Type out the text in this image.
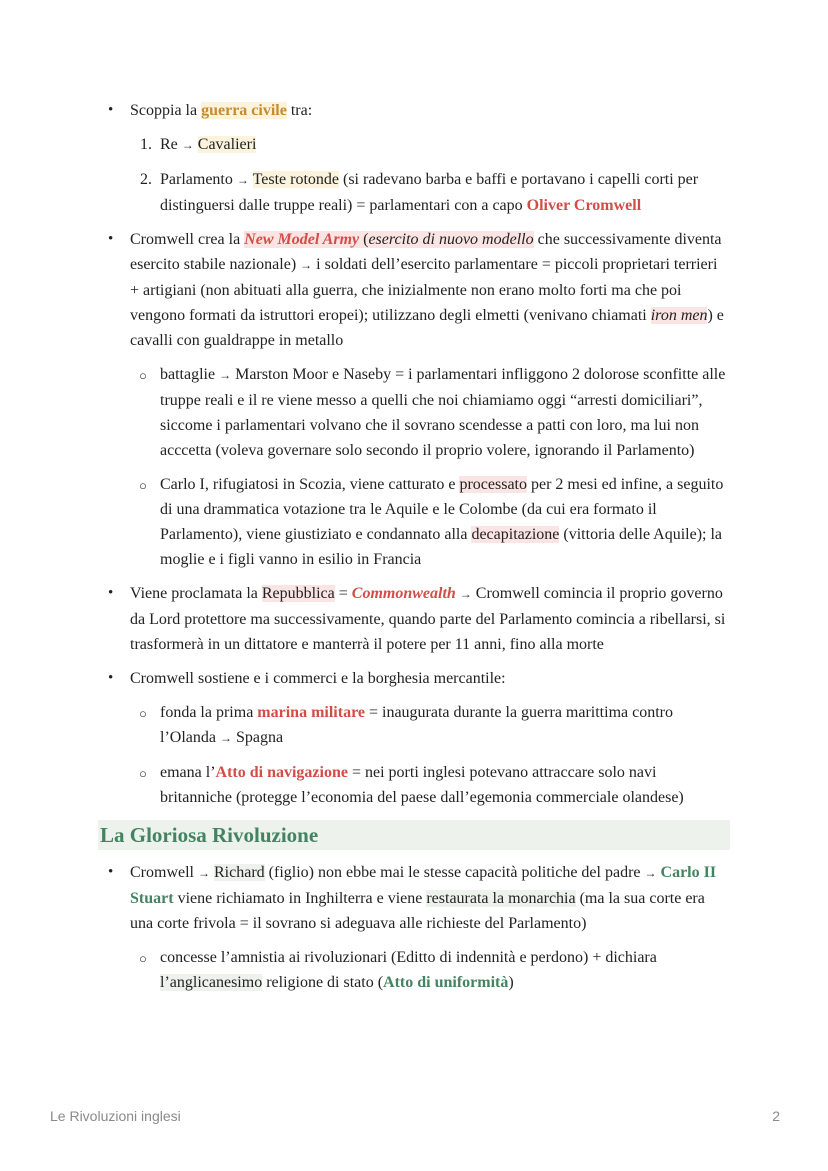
• Scoppia la guerra civile tra:
1. Re → Cavalieri
2. Parlamento → Teste rotonde (si radevano barba e baffi e portavano i capelli corti per distinguersi dalle truppe reali) = parlamentari con a capo Oliver Cromwell
• Cromwell crea la New Model Army (esercito di nuovo modello che successivamente diventa esercito stabile nazionale) → i soldati dell’esercito parlamentare = piccoli proprietari terrieri + artigiani (non abituati alla guerra, che inizialmente non erano molto forti ma che poi vengono formati da istruttori eropei); utilizzano degli elmetti (venivano chiamati iron men) e cavalli con gualdrappe in metallo
○ battaglie → Marston Moor e Naseby = i parlamentari infliggono 2 dolorose sconfitte alle truppe reali e il re viene messo a quelli che noi chiamiamo oggi “arresti domiciliari”, siccome i parlamentari volvano che il sovrano scendesse a patti con loro, ma lui non acccetta (voleva governare solo secondo il proprio volere, ignorando il Parlamento)
○ Carlo I, rifugiatosi in Scozia, viene catturato e processato per 2 mesi ed infine, a seguito di una drammatica votazione tra le Aquile e le Colombe (da cui era formato il Parlamento), viene giustiziato e condannato alla decapitazione (vittoria delle Aquile); la moglie e i figli vanno in esilio in Francia
• Viene proclamata la Repubblica = Commonwealth → Cromwell comincia il proprio governo da Lord protettore ma successivamente, quando parte del Parlamento comincia a ribellarsi, si trasformerà in un dittatore e manterrà il potere per 11 anni, fino alla morte
• Cromwell sostiene e i commerci e la borghesia mercantile:
○ fonda la prima marina militare = inaugurata durante la guerra marittima contro l’Olanda → Spagna
○ emana l’Atto di navigazione = nei porti inglesi potevano attraccare solo navi britanniche (protegge l’economia del paese dall’egemonia commerciale olandese)
La Gloriosa Rivoluzione
• Cromwell → Richard (figlio) non ebbe mai le stesse capacità politiche del padre → Carlo II Stuart viene richiamato in Inghilterra e viene restaurata la monarchia (ma la sua corte era una corte frivola = il sovrano si adeguava alle richieste del Parlamento)
○ concesse l’amnistia ai rivoluzionari (Editto di indennità e perdono) + dichiara l’anglicanesimo religione di stato (Atto di uniformità)
Le Rivoluzioni inglesi	2
